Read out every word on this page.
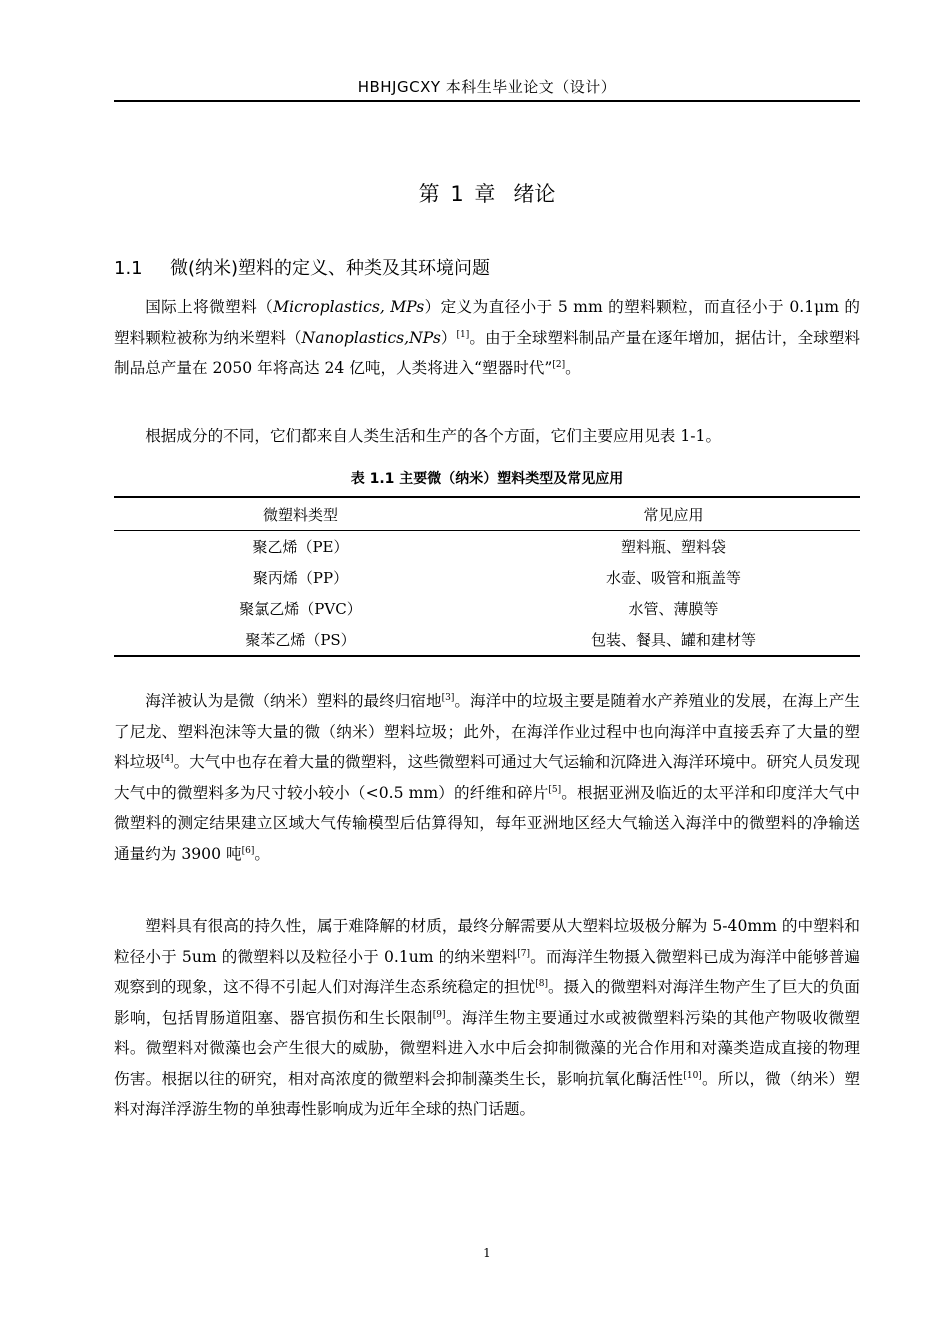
HBHJGCXY 本科生毕业论文（设计）
第 1 章 绪论
1.1 微(纳米)塑料的定义、种类及其环境问题

国际上将微塑料（Microplastics, MPs）定义为直径小于 5 mm 的塑料颗粒，而直径小于 0.1μm 的塑料颗粒被称为纳米塑料（Nanoplastics,NPs）[1]。由于全球塑料制品产量在逐年增加，据估计，全球塑料制品总产量在 2050 年将高达 24 亿吨，人类将进入“塑器时代”[2]。

根据成分的不同，它们都来自人类生活和生产的各个方面，它们主要应用见表 1-1。

表 1.1 主要微（纳米）塑料类型及常见应用
微塑料类型	常见应用
聚乙烯（PE）	塑料瓶、塑料袋
聚丙烯（PP）	水壶、吸管和瓶盖等
聚氯乙烯（PVC）	水管、薄膜等
聚苯乙烯（PS）	包装、餐具、罐和建材等

海洋被认为是微（纳米）塑料的最终归宿地[3]。海洋中的垃圾主要是随着水产养殖业的发展，在海上产生了尼龙、塑料泡沫等大量的微（纳米）塑料垃圾；此外，在海洋作业过程中也向海洋中直接丢弃了大量的塑料垃圾[4]。大气中也存在着大量的微塑料，这些微塑料可通过大气运输和沉降进入海洋环境中。研究人员发现大气中的微塑料多为尺寸较小较小（<0.5 mm）的纤维和碎片[5]。根据亚洲及临近的太平洋和印度洋大气中微塑料的测定结果建立区域大气传输模型后估算得知，每年亚洲地区经大气输送入海洋中的微塑料的净输送通量约为 3900 吨[6]。

塑料具有很高的持久性，属于难降解的材质，最终分解需要从大塑料垃圾极分解为 5-40mm 的中塑料和粒径小于 5um 的微塑料以及粒径小于 0.1um 的纳米塑料[7]。而海洋生物摄入微塑料已成为海洋中能够普遍观察到的现象，这不得不引起人们对海洋生态系统稳定的担忧[8]。摄入的微塑料对海洋生物产生了巨大的负面影响，包括胃肠道阻塞、器官损伤和生长限制[9]。海洋生物主要通过水或被微塑料污染的其他产物吸收微塑料。微塑料对微藻也会产生很大的威胁，微塑料进入水中后会抑制微藻的光合作用和对藻类造成直接的物理伤害。根据以往的研究，相对高浓度的微塑料会抑制藻类生长，影响抗氧化酶活性[10]。所以，微（纳米）塑料对海洋浮游生物的单独毒性影响成为近年全球的热门话题。

1
